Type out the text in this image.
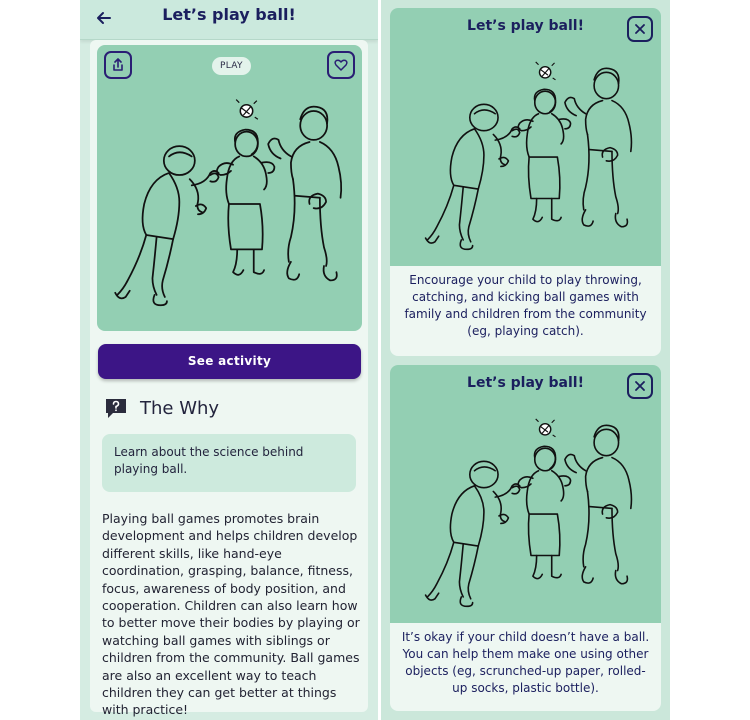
Let’s play ball!
PLAY
See activity
The Why
Learn about the science behind playing ball.
Playing ball games promotes brain development and helps children develop different skills, like hand-eye coordination, grasping, balance, fitness, focus, awareness of body position, and cooperation. Children can also learn how to better move their bodies by playing or watching ball games with siblings or children from the community. Ball games are also an excellent way to teach children they can get better at things with practice!
Let’s play ball!
Encourage your child to play throwing, catching, and kicking ball games with family and children from the community (eg, playing catch).
Let’s play ball!
It’s okay if your child doesn’t have a ball. You can help them make one using other objects (eg, scrunched-up paper, rolled-up socks, plastic bottle).
